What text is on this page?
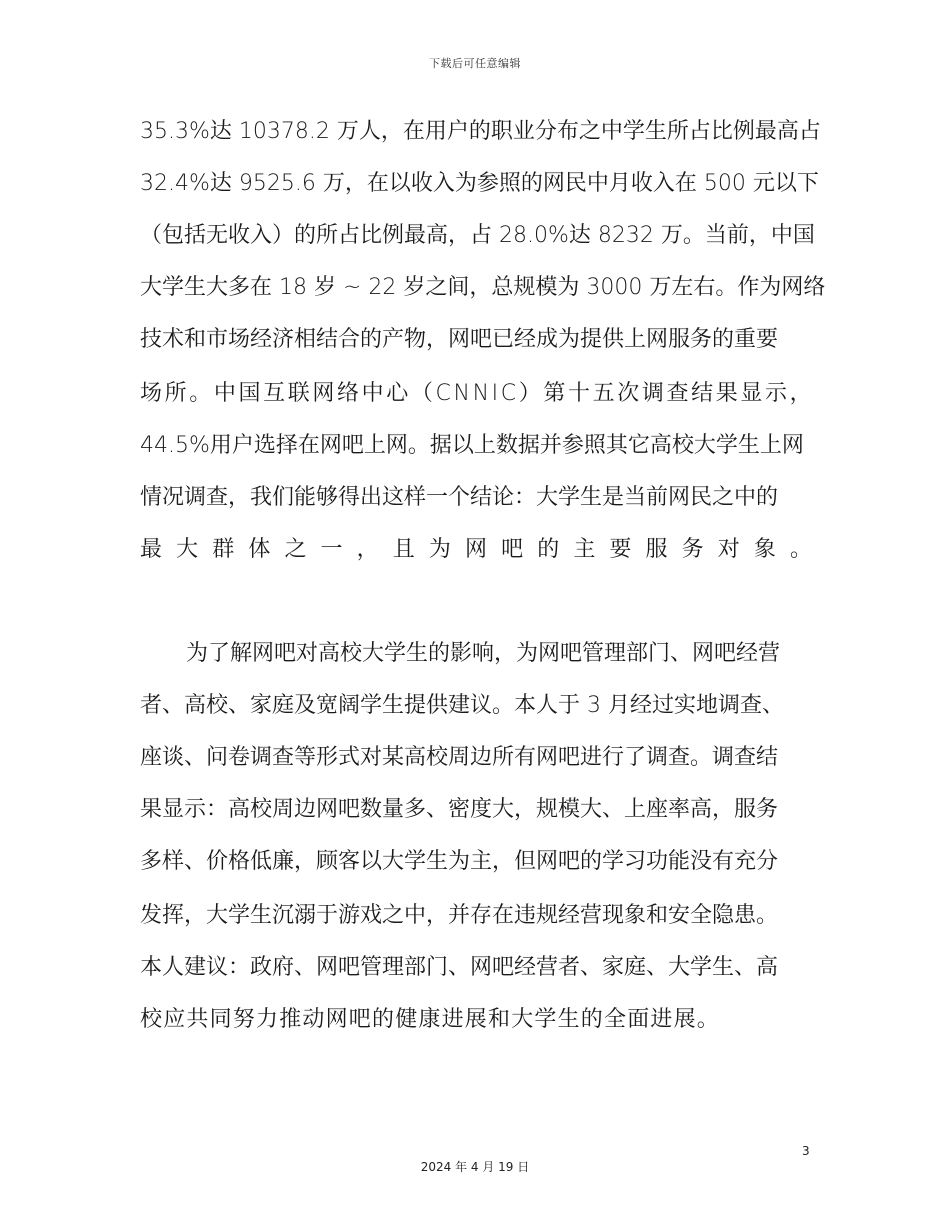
下载后可任意编辑
35.3%达 10378.2 万人，在用户的职业分布之中学生所占比例最高占
32.4%达 9525.6 万，在以收入为参照的网民中月收入在 500 元以下
（包括无收入）的所占比例最高，占 28.0%达 8232 万。当前，中国
大学生大多在 18 岁 ~ 22 岁之间，总规模为 3000 万左右。作为网络
技术和市场经济相结合的产物，网吧已经成为提供上网服务的重要
场 所 。 中 国 互 联 网 络 中 心 （ C N N I C ） 第 十 五 次 调 查 结 果 显 示 ，
44.5%用户选择在网吧上网。据以上数据并参照其它高校大学生上网
情况调查，我们能够得出这样一个结论：大学生是当前网民之中的
最 大 群 体 之 一 ， 且 为 网 吧 的 主 要 服 务 对 象 。
为了解网吧对高校大学生的影响，为网吧管理部门、网吧经营
者、高校、家庭及宽阔学生提供建议。本人于 3 月经过实地调查、
座谈、问卷调查等形式对某高校周边所有网吧进行了调查。调查结
果显示：高校周边网吧数量多、密度大，规模大、上座率高，服务
多样、价格低廉，顾客以大学生为主，但网吧的学习功能没有充分
发挥，大学生沉溺于游戏之中，并存在违规经营现象和安全隐患。
本人建议：政府、网吧管理部门、网吧经营者、家庭、大学生、高
校应共同努力推动网吧的健康进展和大学生的全面进展。
3
2024 年 4 月 19 日
